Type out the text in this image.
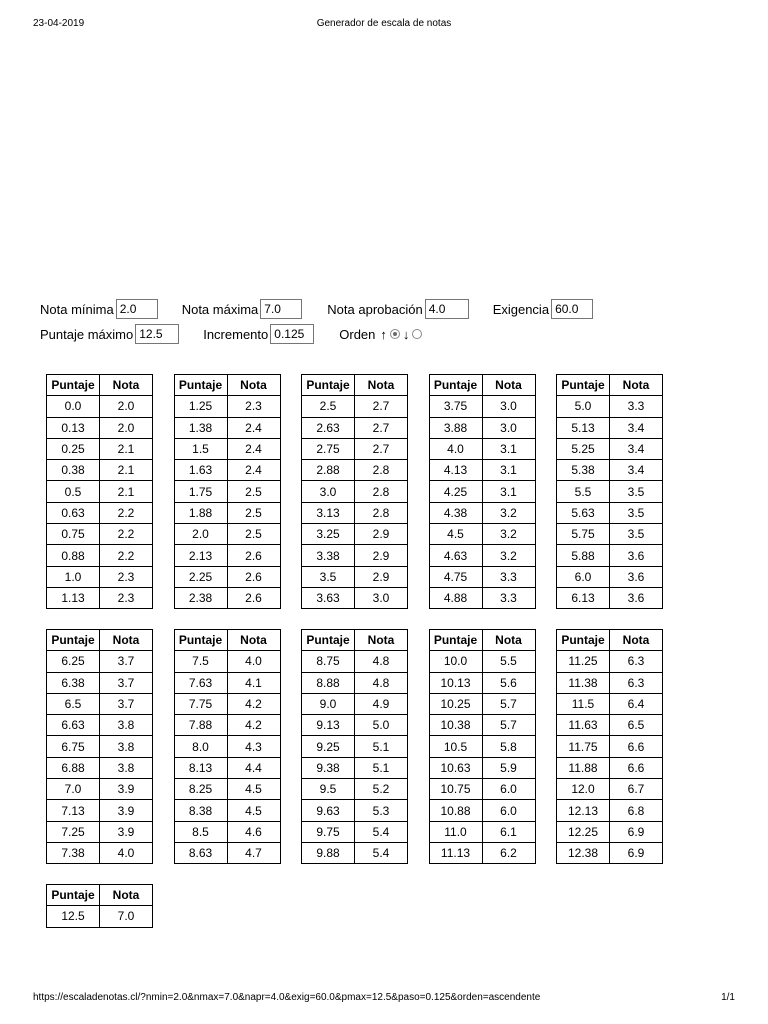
23-04-2019	Generador de escala de notas
Nota mínima
2.0	Nota máxima
7.0	Nota aprobación
4.0	Exigencia
60.0
Puntaje máximo
12.5	Incremento
0.125	Orden ↑ ↓
Puntaje	Nota
0.0	2.0
0.13	2.0
0.25	2.1
0.38	2.1
0.5	2.1
0.63	2.2
0.75	2.2
0.88	2.2
1.0	2.3
1.13	2.3
Puntaje	Nota
1.25	2.3
1.38	2.4
1.5	2.4
1.63	2.4
1.75	2.5
1.88	2.5
2.0	2.5
2.13	2.6
2.25	2.6
2.38	2.6
Puntaje	Nota
2.5	2.7
2.63	2.7
2.75	2.7
2.88	2.8
3.0	2.8
3.13	2.8
3.25	2.9
3.38	2.9
3.5	2.9
3.63	3.0
Puntaje	Nota
3.75	3.0
3.88	3.0
4.0	3.1
4.13	3.1
4.25	3.1
4.38	3.2
4.5	3.2
4.63	3.2
4.75	3.3
4.88	3.3
Puntaje	Nota
5.0	3.3
5.13	3.4
5.25	3.4
5.38	3.4
5.5	3.5
5.63	3.5
5.75	3.5
5.88	3.6
6.0	3.6
6.13	3.6
Puntaje	Nota
6.25	3.7
6.38	3.7
6.5	3.7
6.63	3.8
6.75	3.8
6.88	3.8
7.0	3.9
7.13	3.9
7.25	3.9
7.38	4.0
Puntaje	Nota
7.5	4.0
7.63	4.1
7.75	4.2
7.88	4.2
8.0	4.3
8.13	4.4
8.25	4.5
8.38	4.5
8.5	4.6
8.63	4.7
Puntaje	Nota
8.75	4.8
8.88	4.8
9.0	4.9
9.13	5.0
9.25	5.1
9.38	5.1
9.5	5.2
9.63	5.3
9.75	5.4
9.88	5.4
Puntaje	Nota
10.0	5.5
10.13	5.6
10.25	5.7
10.38	5.7
10.5	5.8
10.63	5.9
10.75	6.0
10.88	6.0
11.0	6.1
11.13	6.2
Puntaje	Nota
11.25	6.3
11.38	6.3
11.5	6.4
11.63	6.5
11.75	6.6
11.88	6.6
12.0	6.7
12.13	6.8
12.25	6.9
12.38	6.9
Puntaje	Nota
12.5	7.0
https://escaladenotas.cl/?nmin=2.0&nmax=7.0&napr=4.0&exig=60.0&pmax=12.5&paso=0.125&orden=ascendente	1/1
